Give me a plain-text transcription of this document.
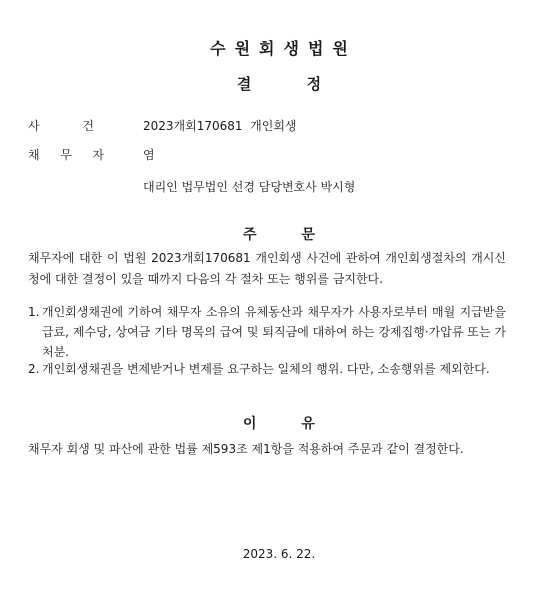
수원회생법원
결 정
사	건	2023개회170681  개인회생
채 무 자	염
대리인 법무법인 선경 담당변호사 박시형
주 문
채무자에 대한 이 법원 2023개회170681 개인회생 사건에 관하여 개인회생절차의 개시신청에 대한 결정이 있을 때까지 다음의 각 절차 또는 행위를 금지한다.
1. 개인회생채권에 기하여 채무자 소유의 유체동산과 채무자가 사용자로부터 매월 지급받을 급료, 제수당, 상여금 기타 명목의 급여 및 퇴직금에 대하여 하는 강제집행·가압류 또는 가처분.
2. 개인회생채권을 변제받거나 변제를 요구하는 일체의 행위. 다만, 소송행위를 제외한다.
이 유
채무자 회생 및 파산에 관한 법률 제593조 제1항을 적용하여 주문과 같이 결정한다.
2023. 6. 22.
